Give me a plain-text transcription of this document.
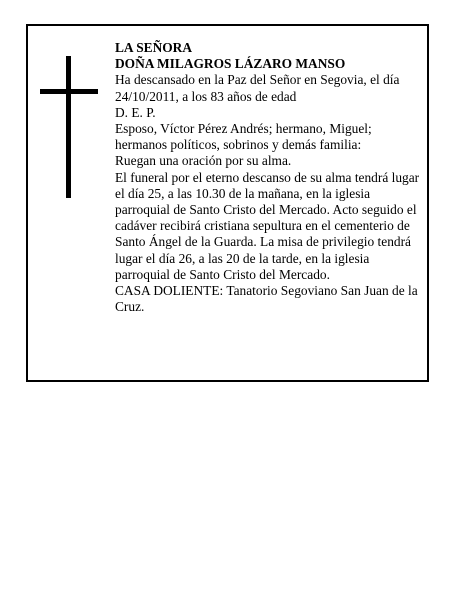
LA SEÑORA

DOÑA MILAGROS LÁZARO MANSO

Ha descansado en la Paz del Señor en Segovia, el día 24/10/2011, a los 83 años de edad

D. E. P.

Esposo, Víctor Pérez Andrés; hermano, Miguel; hermanos políticos, sobrinos y demás familia:

Ruegan una oración por su alma.

El funeral por el eterno descanso de su alma tendrá lugar el día 25, a las 10.30 de la mañana, en la iglesia parroquial de Santo Cristo del Mercado. Acto seguido el cadáver recibirá cristiana sepultura en el cementerio de Santo Ángel de la Guarda. La misa de privilegio tendrá lugar el día 26, a las 20 de la tarde, en la iglesia parroquial de Santo Cristo del Mercado.

CASA DOLIENTE: Tanatorio Segoviano San Juan de la Cruz.
